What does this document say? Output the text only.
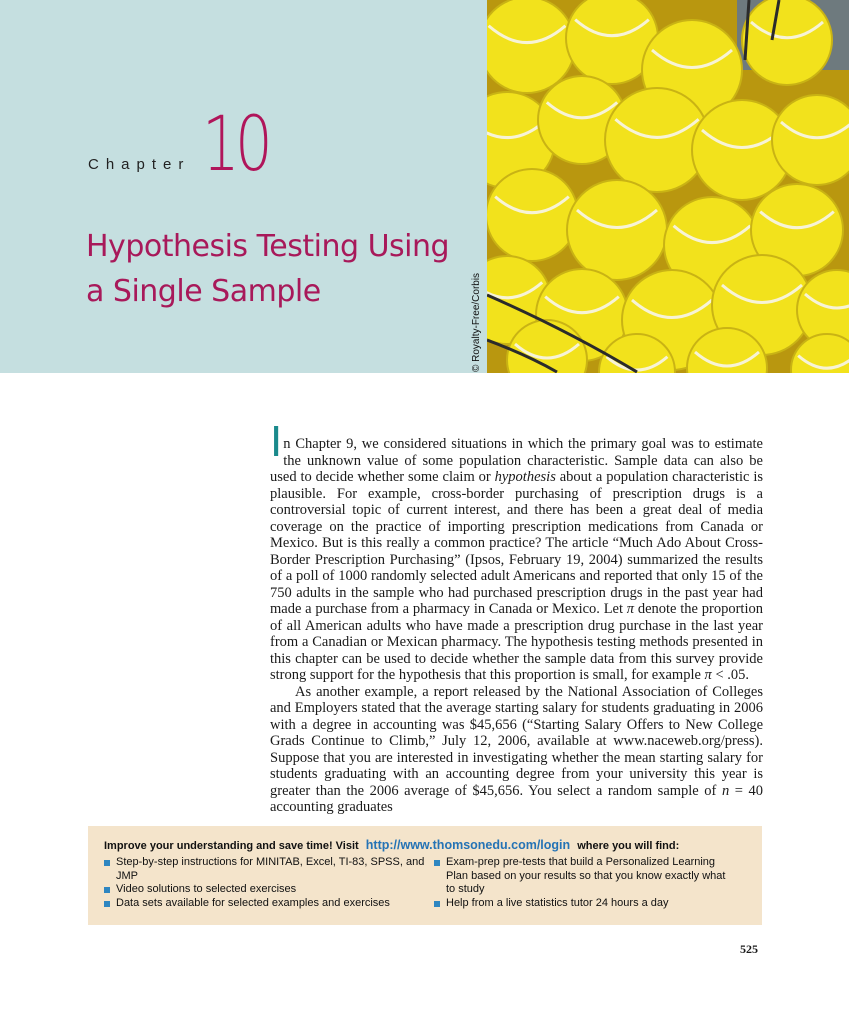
Chapter 10
Hypothesis Testing Using
a Single Sample	© Royalty-Free/Corbis

In Chapter 9, we considered situations in which the primary goal was to estimate the unknown value of some population characteristic. Sample data can also be used to decide whether some claim or hypothesis about a population characteristic is plausible. For example, cross-border purchasing of prescription drugs is a controversial topic of current interest, and there has been a great deal of media coverage on the practice of importing prescription medications from Canada or Mexico. But is this really a common practice? The article “Much Ado About Cross-Border Prescription Purchasing” (Ipsos, February 19, 2004) summarized the results of a poll of 1000 randomly selected adult Americans and reported that only 15 of the 750 adults in the sample who had purchased prescription drugs in the past year had made a purchase from a pharmacy in Canada or Mexico. Let π denote the proportion of all American adults who have made a prescription drug purchase in the last year from a Canadian or Mexican pharmacy. The hypothesis testing methods presented in this chapter can be used to decide whether the sample data from this survey provide strong support for the hypothesis that this proportion is small, for example π < .05.

As another example, a report released by the National Association of Colleges and Employers stated that the average starting salary for students graduating in 2006 with a degree in accounting was $45,656 (“Starting Salary Offers to New College Grads Continue to Climb,” July 12, 2006, available at www.naceweb.org/press). Suppose that you are interested in investigating whether the mean starting salary for students graduating with an accounting degree from your university this year is greater than the 2006 average of $45,656. You select a random sample of n = 40 accounting graduates

Improve your understanding and save time! Visit http://www.thomsonedu.com/login where you will find:
Step-by-step instructions for MINITAB, Excel, TI-83, SPSS, and JMP
Video solutions to selected exercises
Data sets available for selected examples and exercises
Exam-prep pre-tests that build a Personalized Learning Plan based on your results so that you know exactly what to study
Help from a live statistics tutor 24 hours a day
525
